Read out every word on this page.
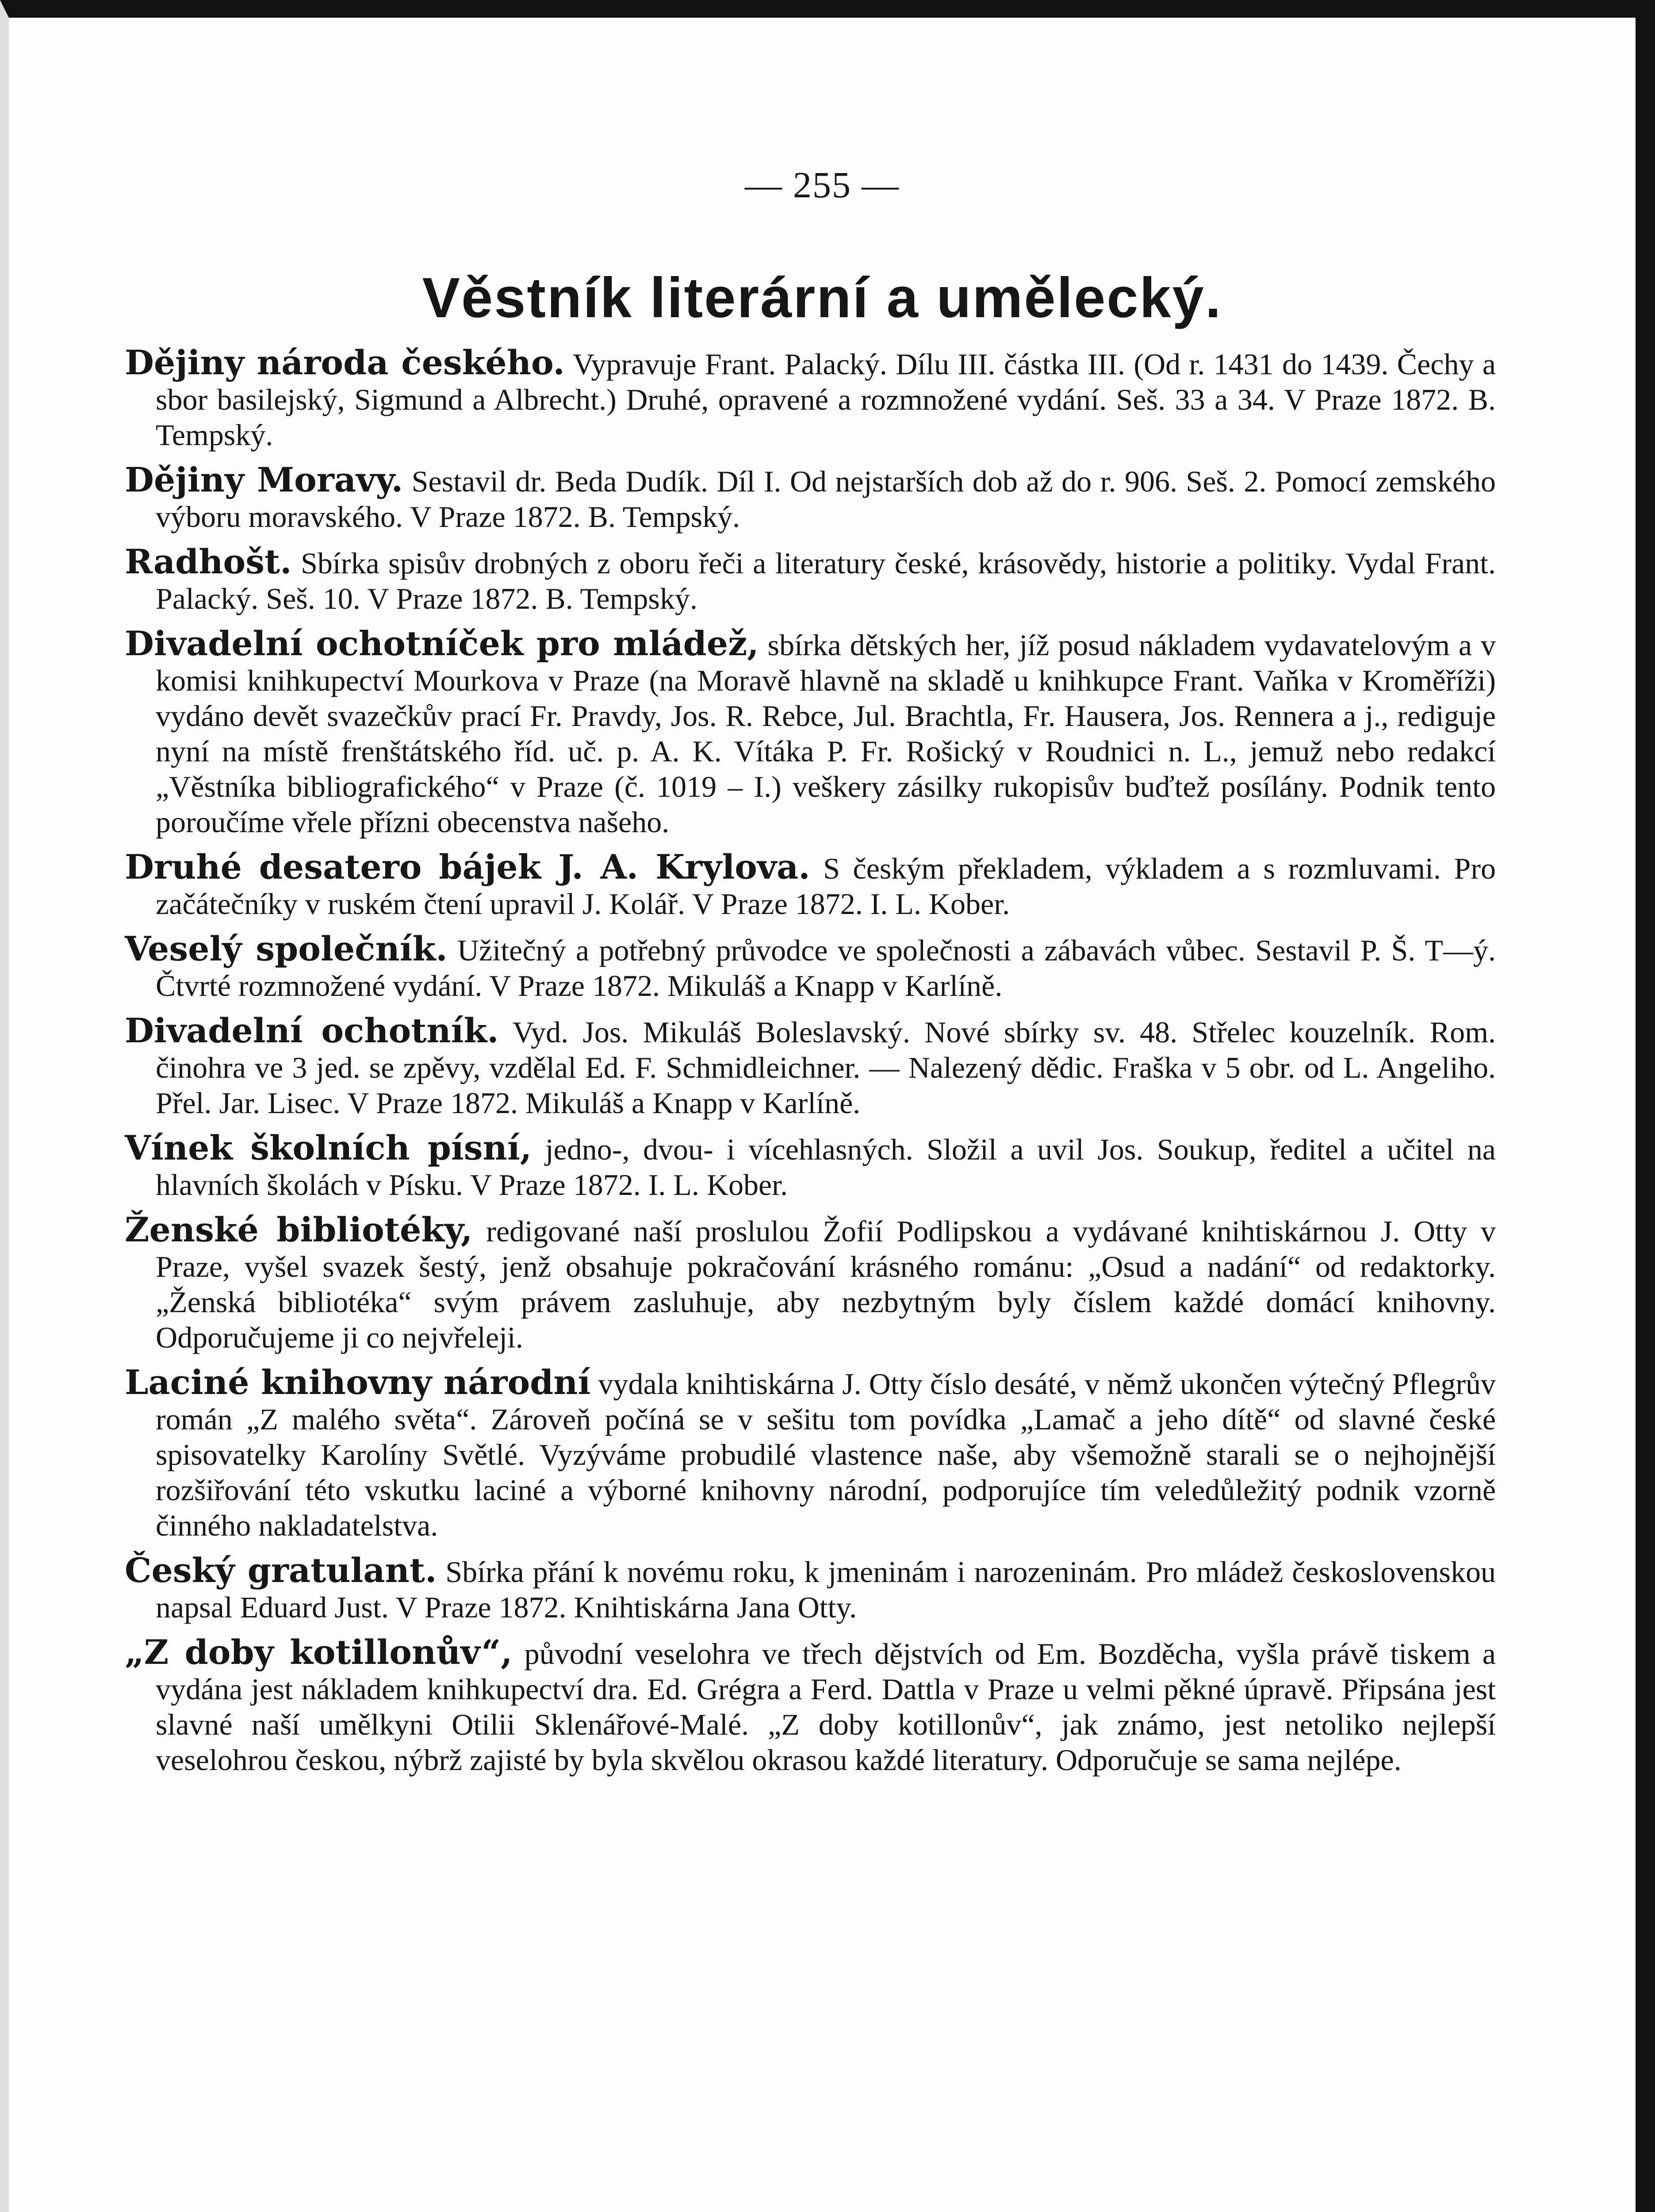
— 255 —
Věstník literární a umělecký.

Dějiny národa českého. Vypravuje Frant. Palacký. Dílu III. částka III. (Od r. 1431 do 1439. Čechy a sbor basilejský, Sigmund a Albrecht.) Druhé, opravené a rozmnožené vydání. Seš. 33 a 34. V Praze 1872. B. Tempský.

Dějiny Moravy. Sestavil dr. Beda Dudík. Díl I. Od nejstarších dob až do r. 906. Seš. 2. Pomocí zemského výboru moravského. V Praze 1872. B. Tempský.

Radhošt. Sbírka spisův drobných z oboru řeči a literatury české, krásovědy, historie a politiky. Vydal Frant. Palacký. Seš. 10. V Praze 1872. B. Tempský.

Divadelní ochotníček pro mládež, sbírka dětských her, jíž posud nákladem vydavatelovým a v komisi knihkupectví Mourkova v Praze (na Moravě hlavně na skladě u knihkupce Frant. Vaňka v Kroměříži) vydáno devět svazečkův prací Fr. Pravdy, Jos. R. Rebce, Jul. Brachtla, Fr. Hausera, Jos. Rennera a j., rediguje nyní na místě frenštátského říd. uč. p. A. K. Vítáka P. Fr. Rošický v Roudnici n. L., jemuž nebo redakcí „Věstníka bibliografického“ v Praze (č. 1019 – I.) veškery zásilky rukopisův buďtež posílány. Podnik tento poroučíme vřele přízni obecenstva našeho.

Druhé desatero bájek J. A. Krylova. S českým překladem, výkladem a s rozmluvami. Pro začátečníky v ruském čtení upravil J. Kolář. V Praze 1872. I. L. Kober.

Veselý společník. Užitečný a potřebný průvodce ve společnosti a zábavách vůbec. Sestavil P. Š. T—ý. Čtvrté rozmnožené vydání. V Praze 1872. Mikuláš a Knapp v Karlíně.

Divadelní ochotník. Vyd. Jos. Mikuláš Boleslavský. Nové sbírky sv. 48. Střelec kouzelník. Rom. činohra ve 3 jed. se zpěvy, vzdělal Ed. F. Schmidleichner. — Nalezený dědic. Fraška v 5 obr. od L. Angeliho. Přel. Jar. Lisec. V Praze 1872. Mikuláš a Knapp v Karlíně.

Vínek školních písní, jedno-, dvou- i vícehlasných. Složil a uvil Jos. Soukup, ředitel a učitel na hlavních školách v Písku. V Praze 1872. I. L. Kober.

Ženské bibliotéky, redigované naší proslulou Žofií Podlipskou a vydávané knihtiskárnou J. Otty v Praze, vyšel svazek šestý, jenž obsahuje pokračování krásného románu: „Osud a nadání“ od redaktorky. „Ženská bibliotéka“ svým právem zasluhuje, aby nezbytným byly číslem každé domácí knihovny. Odporučujeme ji co nejvřeleji.

Laciné knihovny národní vydala knihtiskárna J. Otty číslo desáté, v němž ukončen výtečný Pflegrův román „Z malého světa“. Zároveň počíná se v sešitu tom povídka „Lamač a jeho dítě“ od slavné české spisovatelky Karolíny Světlé. Vyzýváme probudilé vlastence naše, aby všemožně starali se o nejhojnější rozšiřování této vskutku laciné a výborné knihovny národní, podporujíce tím veledůležitý podnik vzorně činného nakladatelstva.

Český gratulant. Sbírka přání k novému roku, k jmeninám i narozeninám. Pro mládež československou napsal Eduard Just. V Praze 1872. Knihtiskárna Jana Otty.

„Z doby kotillonův“, původní veselohra ve třech dějstvích od Em. Bozděcha, vyšla právě tiskem a vydána jest nákladem knihkupectví dra. Ed. Grégra a Ferd. Dattla v Praze u velmi pěkné úpravě. Připsána jest slavné naší umělkyni Otilii Sklenářové-Malé. „Z doby kotillonův“, jak známo, jest netoliko nejlepší veselohrou českou, nýbrž zajisté by byla skvělou okrasou každé literatury. Odporučuje se sama nejlépe.
